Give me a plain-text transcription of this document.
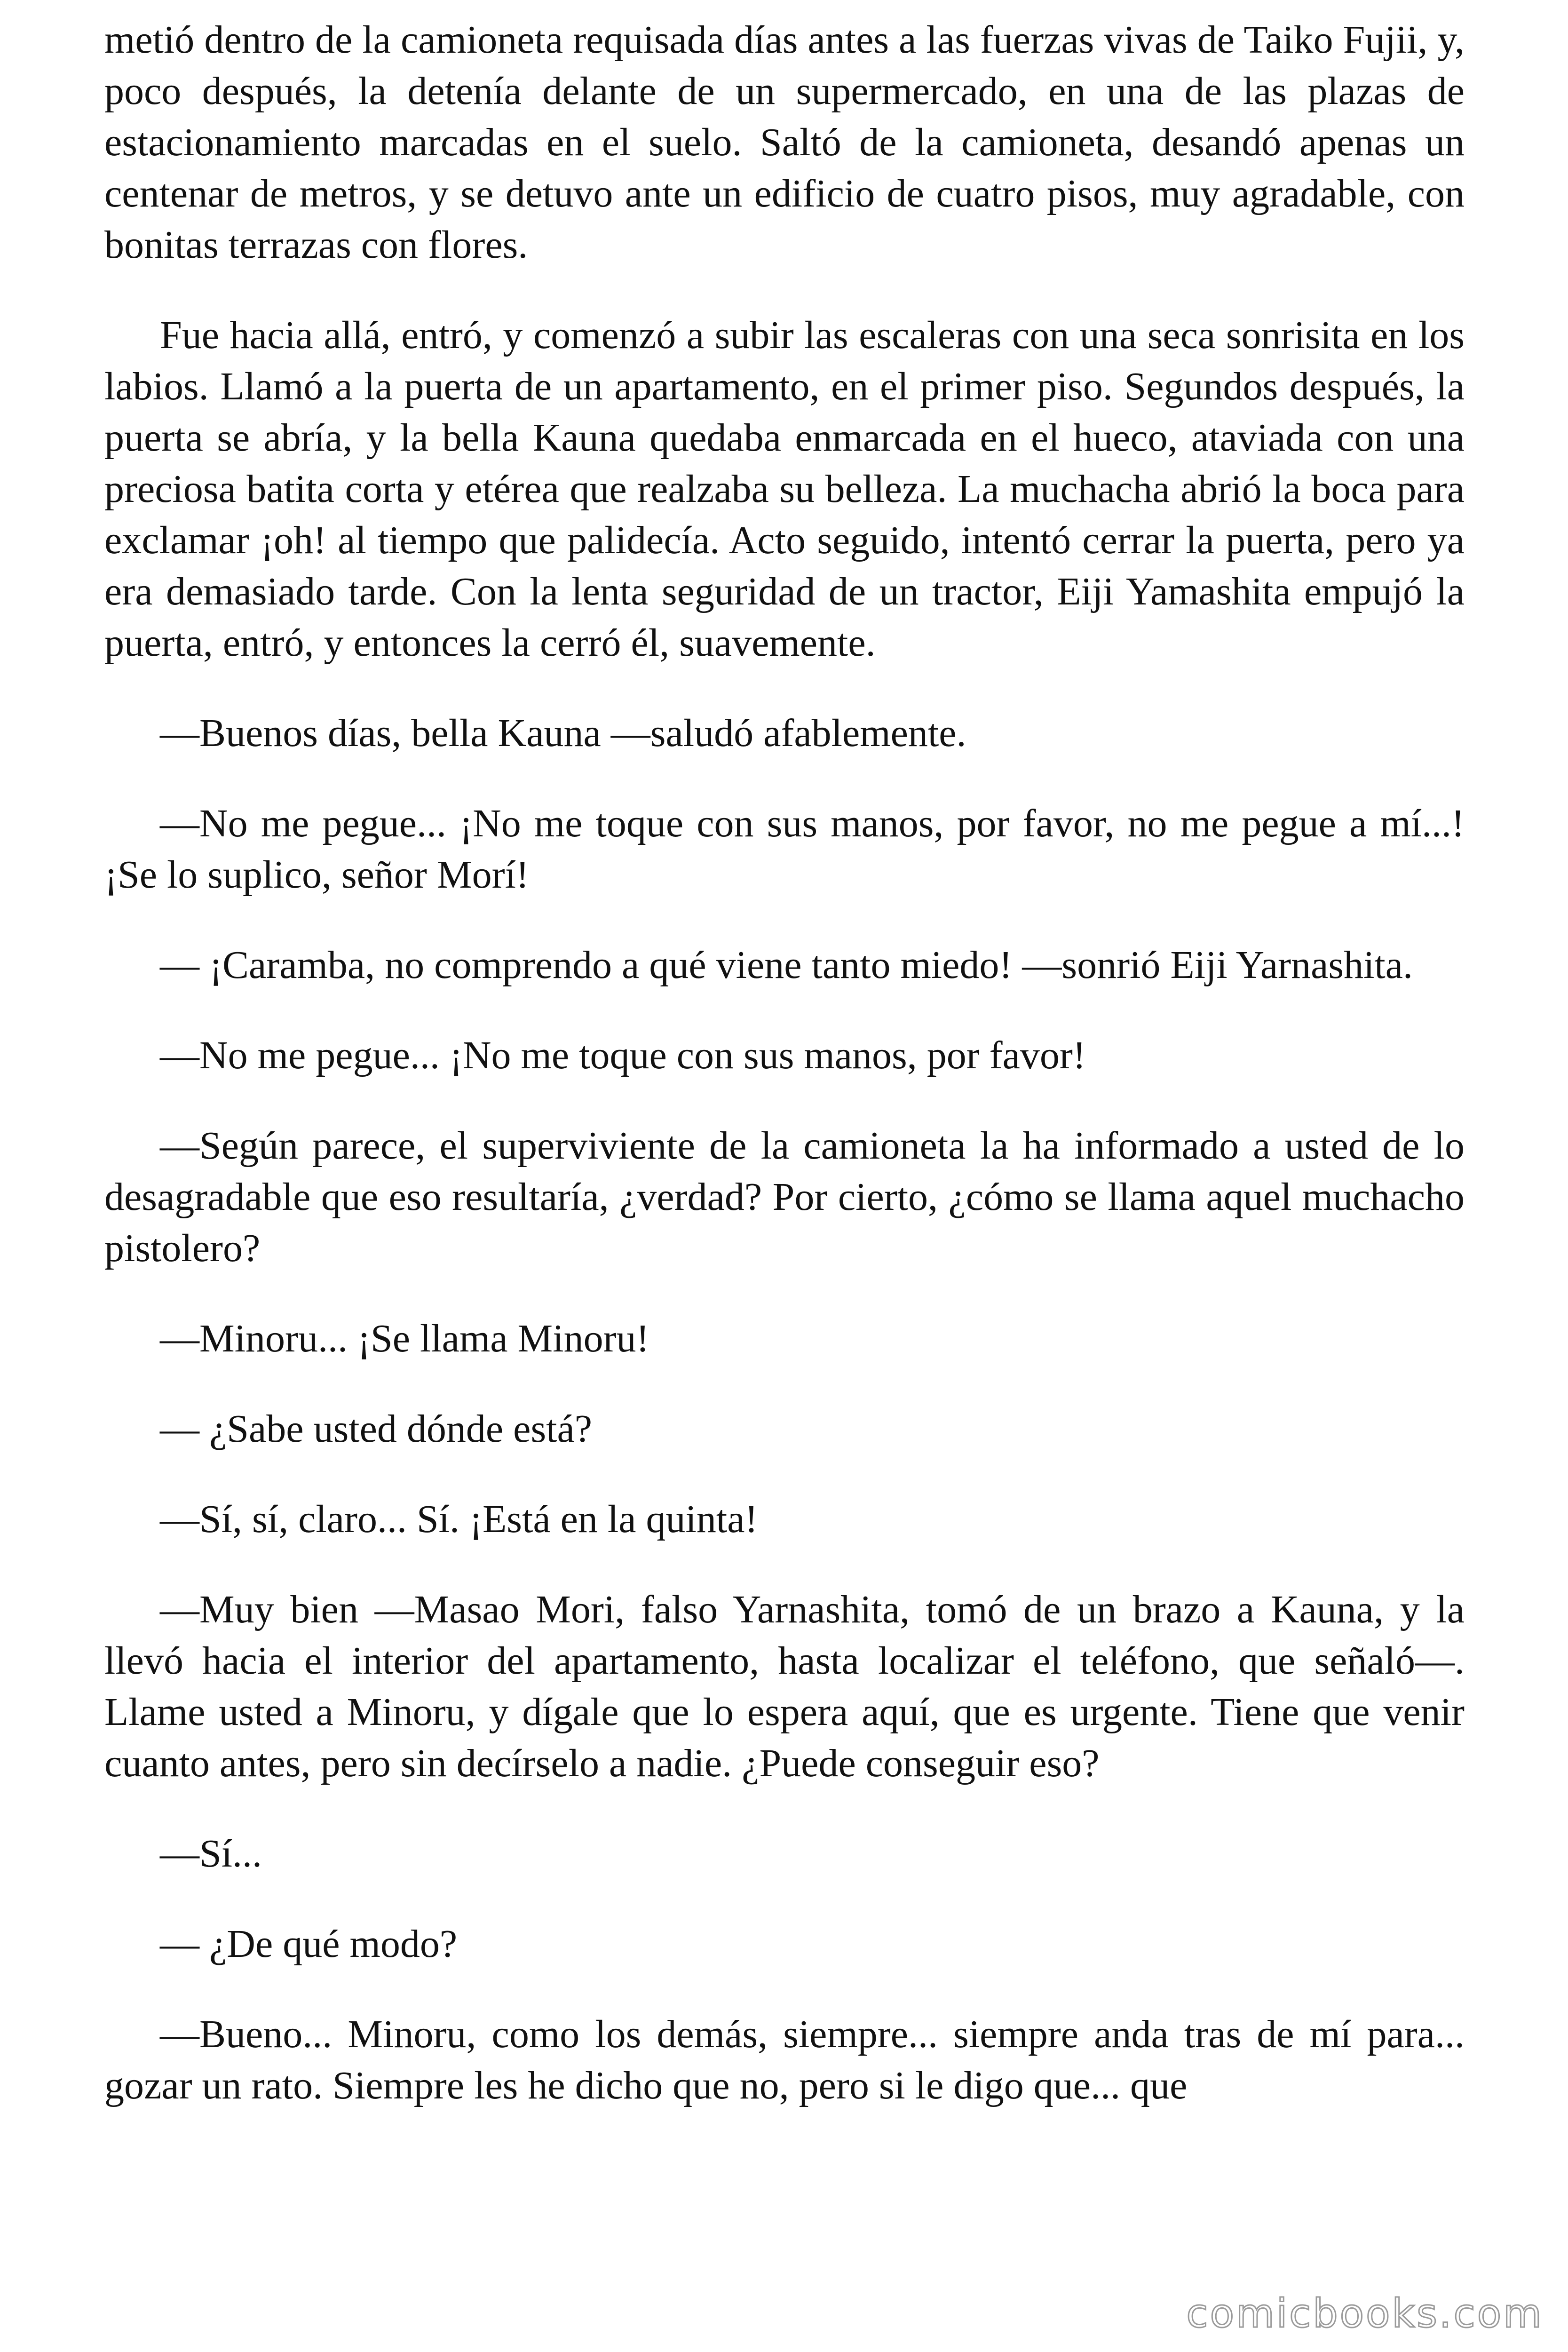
metió dentro de la camioneta requisada días antes a las fuerzas vivas de Taiko Fujii, y, poco después, la detenía delante de un supermercado, en una de las plazas de estacionamiento marcadas en el suelo. Saltó de la camioneta, desandó apenas un centenar de metros, y se detuvo ante un edificio de cuatro pisos, muy agradable, con bonitas terrazas con flores.

Fue hacia allá, entró, y comenzó a subir las escaleras con una seca sonrisita en los labios. Llamó a la puerta de un apartamento, en el primer piso. Segundos después, la puerta se abría, y la bella Kauna quedaba enmarcada en el hueco, ataviada con una preciosa batita corta y etérea que realzaba su belleza. La muchacha abrió la boca para exclamar ¡oh! al tiempo que palidecía. Acto seguido, intentó cerrar la puerta, pero ya era demasiado tarde. Con la lenta seguridad de un tractor, Eiji Yamashita empujó la puerta, entró, y entonces la cerró él, suavemente.

—Buenos días, bella Kauna —saludó afablemente.

—No me pegue... ¡No me toque con sus manos, por favor, no me pegue a mí...! ¡Se lo suplico, señor Morí!

— ¡Caramba, no comprendo a qué viene tanto miedo! —sonrió Eiji Yarnashita.

—No me pegue... ¡No me toque con sus manos, por favor!

—Según parece, el superviviente de la camioneta la ha informado a usted de lo desagradable que eso resultaría, ¿verdad? Por cierto, ¿cómo se llama aquel muchacho pistolero?

—Minoru... ¡Se llama Minoru!

— ¿Sabe usted dónde está?

—Sí, sí, claro... Sí. ¡Está en la quinta!

—Muy bien —Masao Mori, falso Yarnashita, tomó de un brazo a Kauna, y la llevó hacia el interior del apartamento, hasta localizar el teléfono, que señaló—. Llame usted a Minoru, y dígale que lo espera aquí, que es urgente. Tiene que venir cuanto antes, pero sin decírselo a nadie. ¿Puede conseguir eso?

—Sí...

— ¿De qué modo?

—Bueno... Minoru, como los demás, siempre... siempre anda tras de mí para... gozar un rato. Siempre les he dicho que no, pero si le digo que... que

comicbooks.com
